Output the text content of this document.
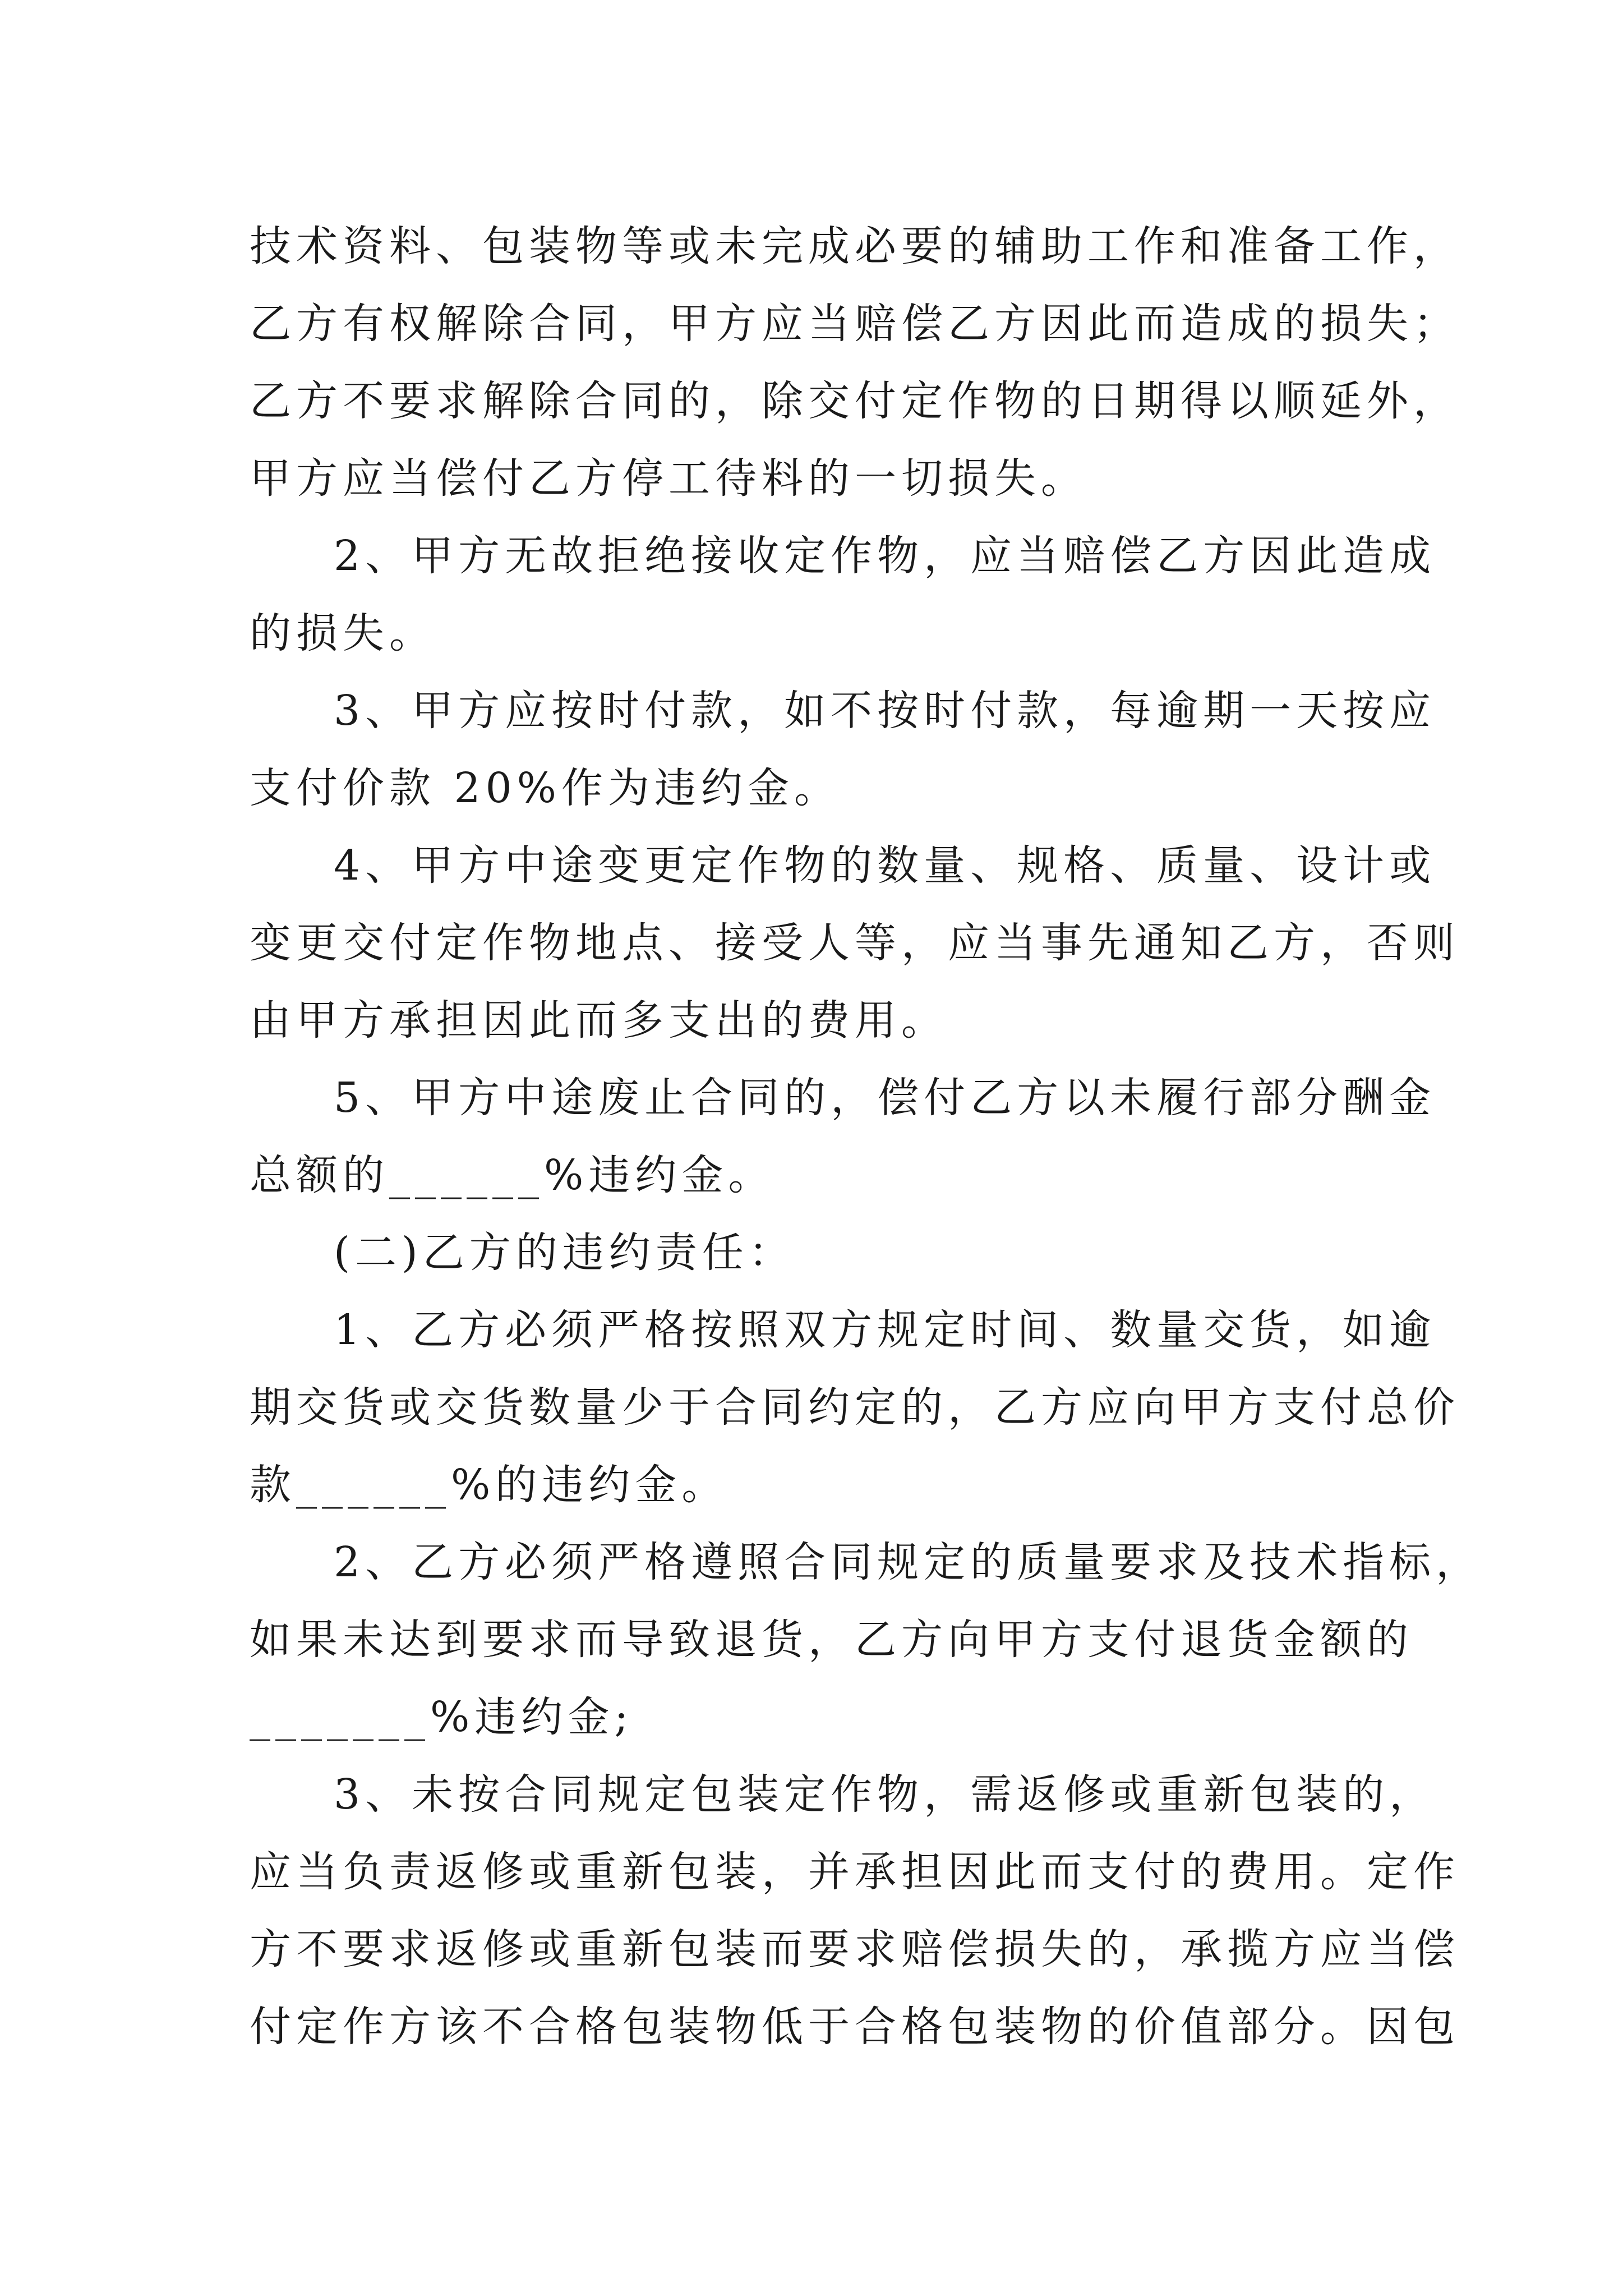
技术资料、包装物等或未完成必要的辅助工作和准备工作，
乙方有权解除合同，甲方应当赔偿乙方因此而造成的损失；
乙方不要求解除合同的，除交付定作物的日期得以顺延外，
甲方应当偿付乙方停工待料的一切损失。
2、甲方无故拒绝接收定作物，应当赔偿乙方因此造成
的损失。
3、甲方应按时付款，如不按时付款，每逾期一天按应
支付价款 20%作为违约金。
4、甲方中途变更定作物的数量、规格、质量、设计或
变更交付定作物地点、接受人等，应当事先通知乙方，否则
由甲方承担因此而多支出的费用。
5、甲方中途废止合同的，偿付乙方以未履行部分酬金
总额的______%违约金。
(二)乙方的违约责任：
1、乙方必须严格按照双方规定时间、数量交货，如逾
期交货或交货数量少于合同约定的，乙方应向甲方支付总价
款______%的违约金。
2、乙方必须严格遵照合同规定的质量要求及技术指标，
如果未达到要求而导致退货，乙方向甲方支付退货金额的
_______%违约金;
3、未按合同规定包装定作物，需返修或重新包装的，
应当负责返修或重新包装，并承担因此而支付的费用。定作
方不要求返修或重新包装而要求赔偿损失的，承揽方应当偿
付定作方该不合格包装物低于合格包装物的价值部分。因包
